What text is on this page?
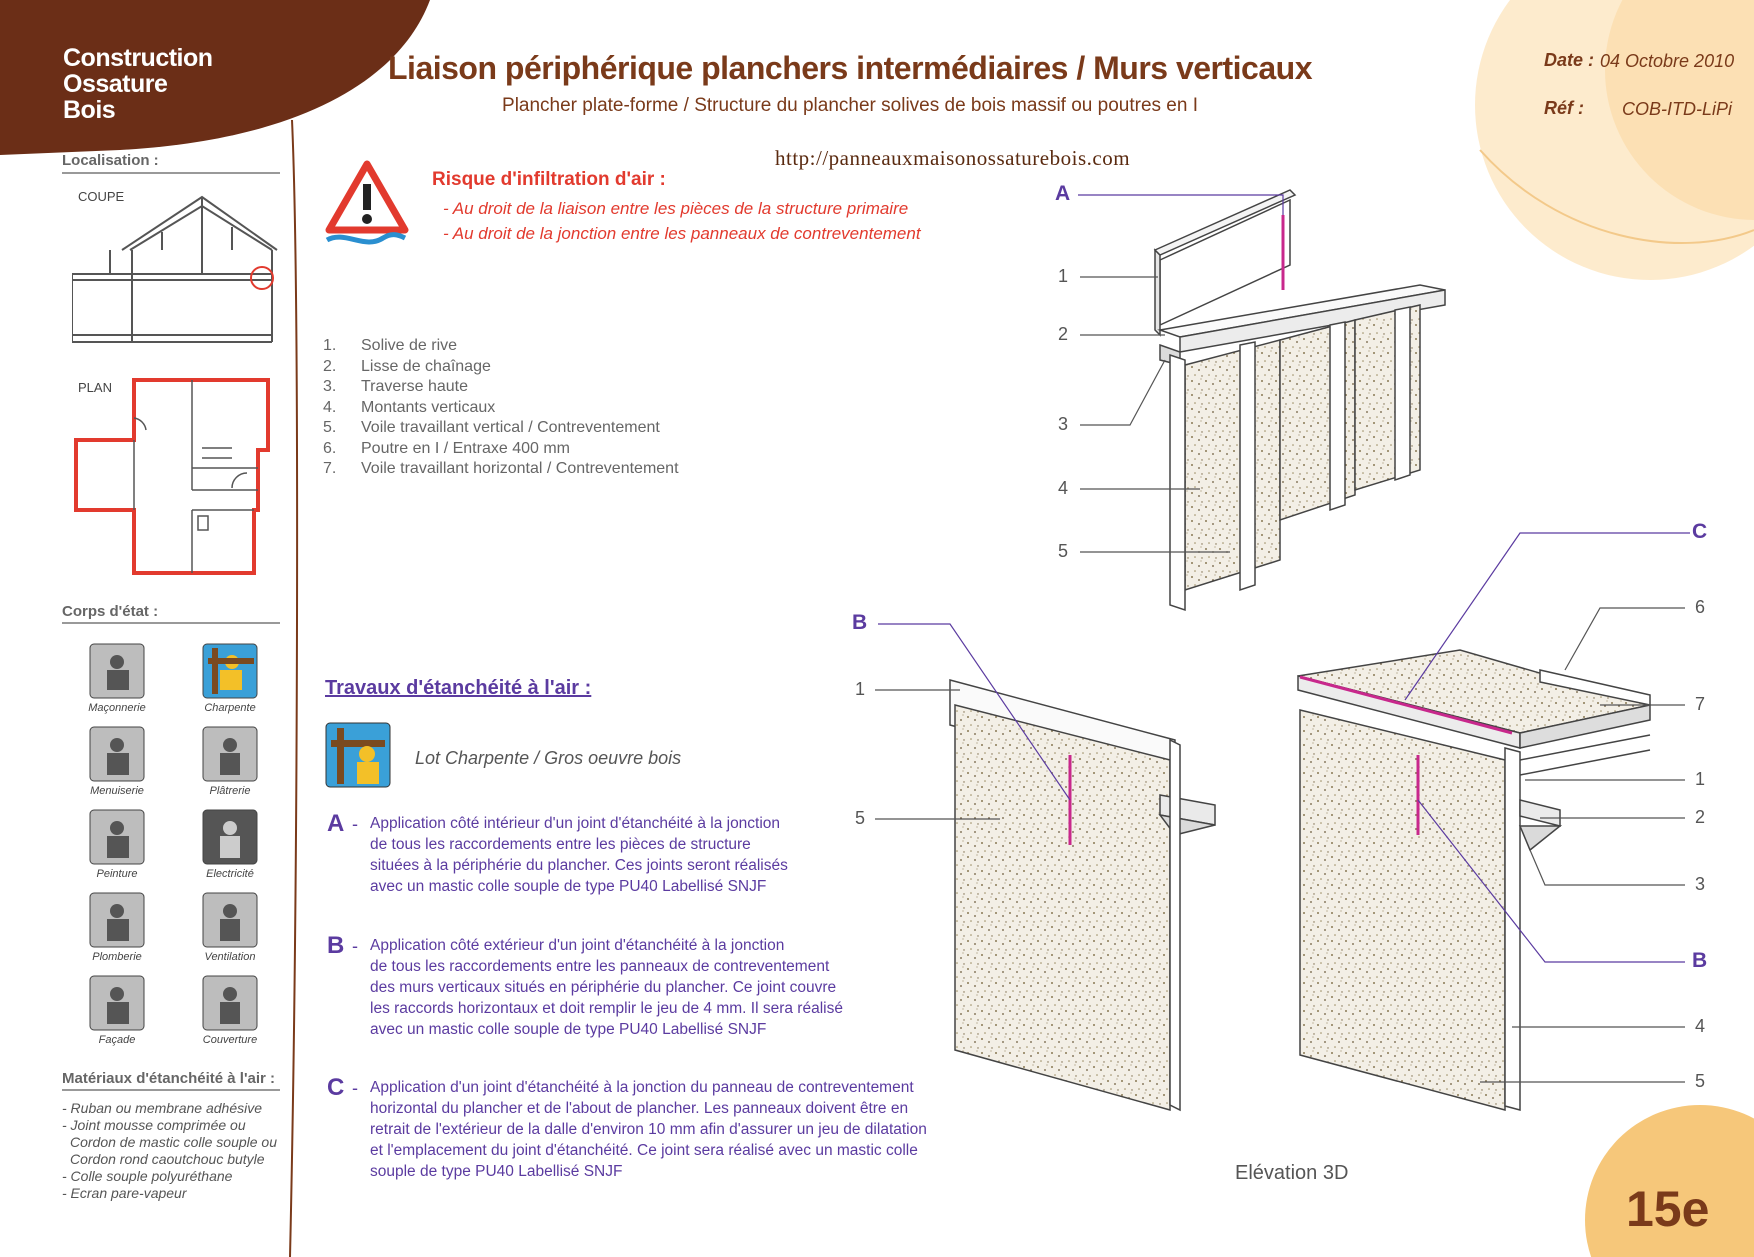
Construction
Ossature
Bois
Liaison périphérique planchers intermédiaires / Murs verticaux
Plancher plate-forme / Structure du plancher solives de bois massif ou poutres en I
http://panneauxmaisonossaturebois.com
Date : 04 Octobre 2010
Réf : COB-ITD-LiPi
Localisation :
COUPE
PLAN
Corps d'état :
Maçonnerie	Charpente
Menuiserie	Plâtrerie
Peinture	Electricité
Plomberie	Ventilation
Façade	Couverture
Matériaux d'étanchéité à l'air :
- Ruban ou membrane adhésive
- Joint mousse comprimée ou
Cordon de mastic colle souple ou
Cordon rond caoutchouc butyle
- Colle souple polyuréthane
- Ecran pare-vapeur
Risque d'infiltration d'air :
- Au droit de la liaison entre les pièces de la structure primaire
- Au droit de la jonction entre les panneaux de contreventement
1. Solive de rive
2. Lisse de chaînage
3. Traverse haute
4. Montants verticaux
5. Voile travaillant vertical / Contreventement
6. Poutre en I / Entraxe 400 mm
7. Voile travaillant horizontal / Contreventement
Travaux d'étanchéité à l'air :
Lot Charpente / Gros oeuvre bois
A - Application côté intérieur d'un joint d'étanchéité à la jonction
de tous les raccordements entre les pièces de structure
situées à la périphérie du plancher. Ces joints seront réalisés
avec un mastic colle souple de type PU40 Labellisé SNJF
B - Application côté extérieur d'un joint d'étanchéité à la jonction
de tous les raccordements entre les panneaux de contreventement
des murs verticaux situés en périphérie du plancher. Ce joint couvre
les raccords horizontaux et doit remplir le jeu de 4 mm. Il sera réalisé
avec un mastic colle souple de type PU40 Labellisé SNJF
C - Application d'un joint d'étanchéité à la jonction du panneau de contreventement
horizontal du plancher et de l'about de plancher. Les panneaux doivent être en
retrait de l'extérieur de la dalle d'environ 10 mm afin d'assurer un jeu de dilatation
et l'emplacement du joint d'étanchéité. Ce joint sera réalisé avec un mastic colle
souple de type PU40 Labellisé SNJF
A
1
2
3
4
5
B
1
5
C
6
7
1
2
3
B
4
5
Elévation 3D
15e
